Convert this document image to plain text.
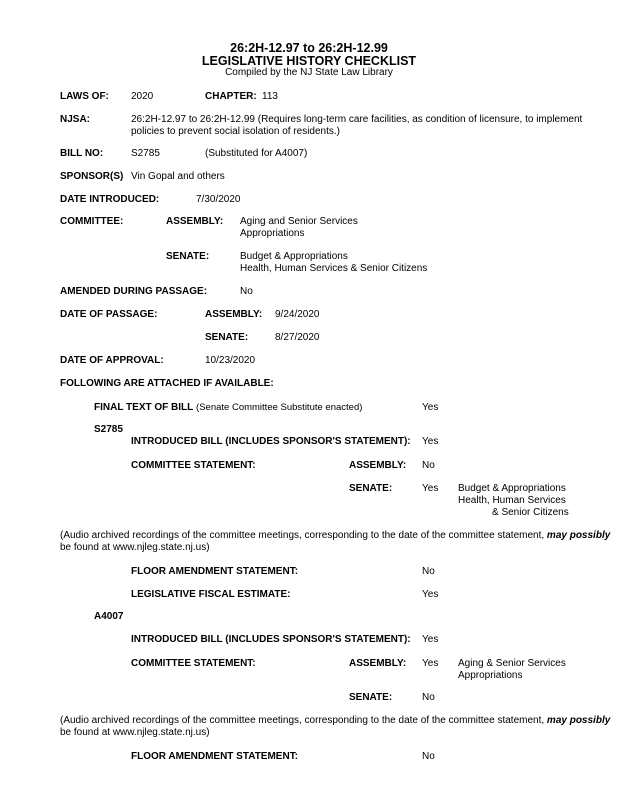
26:2H-12.97 to 26:2H-12.99
LEGISLATIVE HISTORY CHECKLIST
Compiled by the NJ State Law Library
LAWS OF: 2020	CHAPTER: 113
NJSA:	26:2H-12.97 to 26:2H-12.99 (Requires long-term care facilities, as condition of licensure, to implement
policies to prevent social isolation of residents.)
BILL NO:	S2785	(Substituted for A4007)
SPONSOR(S) Vin Gopal and others
DATE INTRODUCED:	7/30/2020
COMMITTEE:	ASSEMBLY: Aging and Senior Services
Appropriations
SENATE:	Budget & Appropriations
Health, Human Services & Senior Citizens
AMENDED DURING PASSAGE:	No
DATE OF PASSAGE:	ASSEMBLY: 9/24/2020
SENATE:	8/27/2020
DATE OF APPROVAL:	10/23/2020
FOLLOWING ARE ATTACHED IF AVAILABLE:
FINAL TEXT OF BILL (Senate Committee Substitute enacted)	Yes
S2785
INTRODUCED BILL (INCLUDES SPONSOR'S STATEMENT): Yes
COMMITTEE STATEMENT:	ASSEMBLY: No
SENATE:	Yes Budget & Appropriations
Health, Human Services
& Senior Citizens
(Audio archived recordings of the committee meetings, corresponding to the date of the committee statement, may possibly
be found at www.njleg.state.nj.us)
FLOOR AMENDMENT STATEMENT:	No
LEGISLATIVE FISCAL ESTIMATE:	Yes
A4007
INTRODUCED BILL (INCLUDES SPONSOR'S STATEMENT): Yes
COMMITTEE STATEMENT:	ASSEMBLY: Yes Aging & Senior Services
Appropriations
SENATE:	No
(Audio archived recordings of the committee meetings, corresponding to the date of the committee statement, may possibly
be found at www.njleg.state.nj.us)
FLOOR AMENDMENT STATEMENT:	No
